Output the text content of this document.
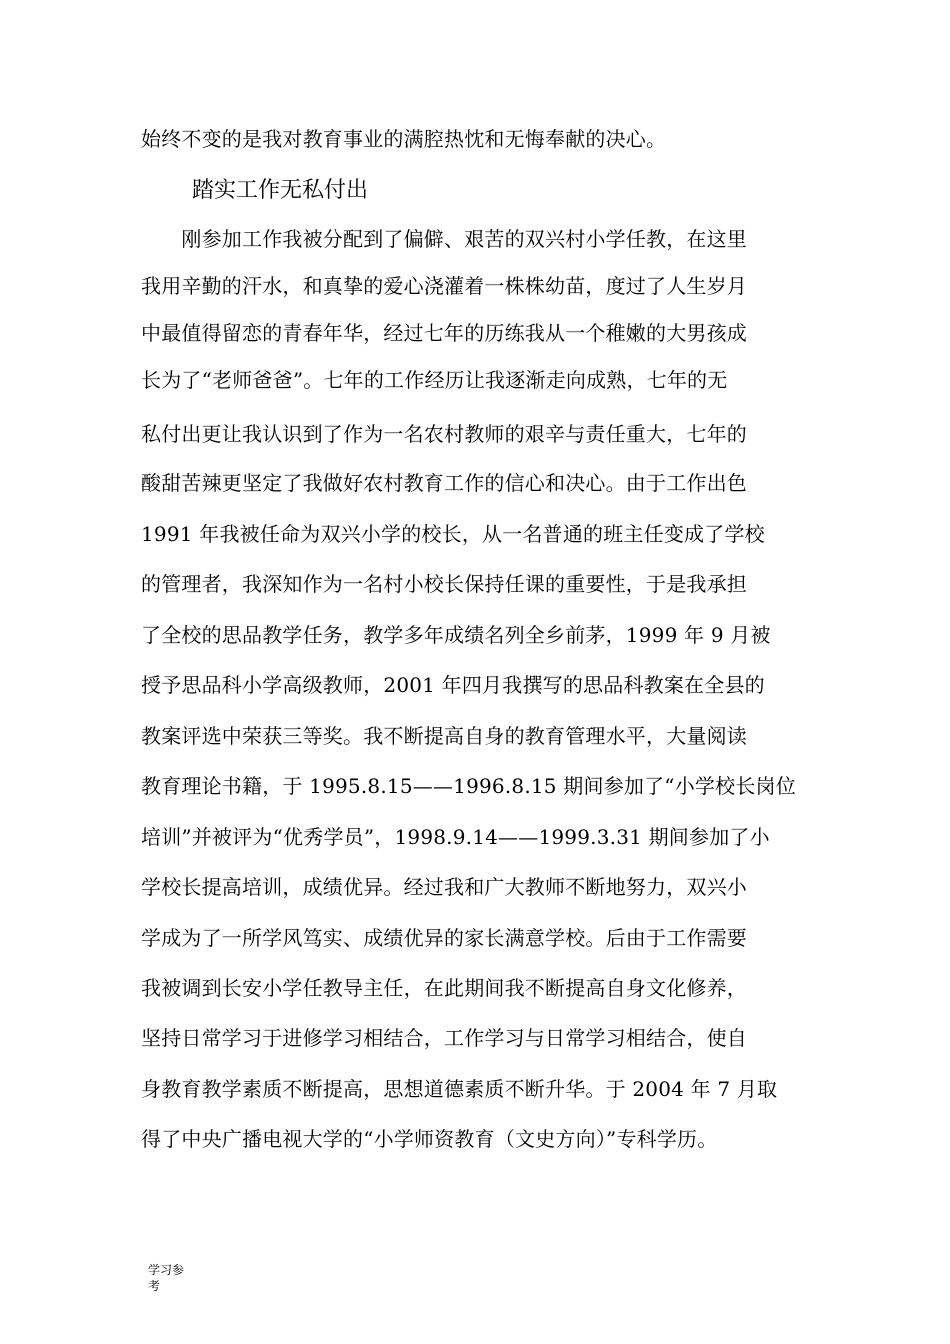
始终不变的是我对教育事业的满腔热忱和无悔奉献的决心。
踏实工作无私付出
　　刚参加工作我被分配到了偏僻、艰苦的双兴村小学任教，在这里
我用辛勤的汗水，和真挚的爱心浇灌着一株株幼苗，度过了人生岁月
中最值得留恋的青春年华，经过七年的历练我从一个稚嫩的大男孩成
长为了“老师爸爸”。七年的工作经历让我逐渐走向成熟，七年的无
私付出更让我认识到了作为一名农村教师的艰辛与责任重大，七年的
酸甜苦辣更坚定了我做好农村教育工作的信心和决心。由于工作出色
1991 年我被任命为双兴小学的校长，从一名普通的班主任变成了学校
的管理者，我深知作为一名村小校长保持任课的重要性，于是我承担
了全校的思品教学任务，教学多年成绩名列全乡前茅，1999 年 9 月被
授予思品科小学高级教师，2001 年四月我撰写的思品科教案在全县的
教案评选中荣获三等奖。我不断提高自身的教育管理水平，大量阅读
教育理论书籍，于 1995.8.15——1996.8.15 期间参加了“小学校长岗位
培训”并被评为“优秀学员”，1998.9.14——1999.3.31 期间参加了小
学校长提高培训，成绩优异。经过我和广大教师不断地努力，双兴小
学成为了一所学风笃实、成绩优异的家长满意学校。后由于工作需要
我被调到长安小学任教导主任，在此期间我不断提高自身文化修养，
坚持日常学习于进修学习相结合，工作学习与日常学习相结合，使自
身教育教学素质不断提高，思想道德素质不断升华。于 2004 年 7 月取
得了中央广播电视大学的“小学师资教育（文史方向）”专科学历。
学习参考
